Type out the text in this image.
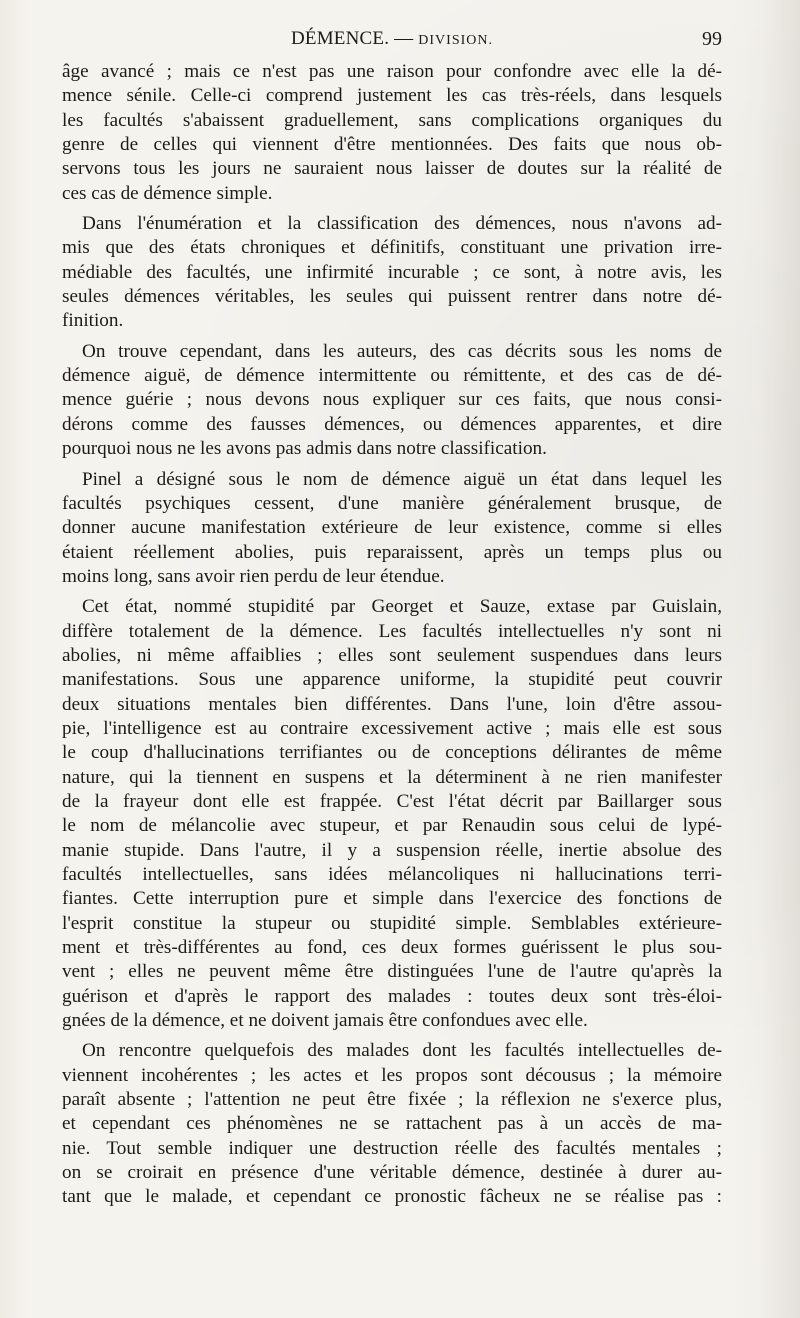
DÉMENCE. — DIVISION.	99
âge avancé ; mais ce n'est pas une raison pour confondre avec elle la dé-
mence sénile. Celle-ci comprend justement les cas très-réels, dans lesquels
les facultés s'abaissent graduellement, sans complications organiques du
genre de celles qui viennent d'être mentionnées. Des faits que nous ob-
servons tous les jours ne sauraient nous laisser de doutes sur la réalité de
ces cas de démence simple.
Dans l'énumération et la classification des démences, nous n'avons ad-
mis que des états chroniques et définitifs, constituant une privation irre-
médiable des facultés, une infirmité incurable ; ce sont, à notre avis, les
seules démences véritables, les seules qui puissent rentrer dans notre dé-
finition.
On trouve cependant, dans les auteurs, des cas décrits sous les noms de
démence aiguë, de démence intermittente ou rémittente, et des cas de dé-
mence guérie ; nous devons nous expliquer sur ces faits, que nous consi-
dérons comme des fausses démences, ou démences apparentes, et dire
pourquoi nous ne les avons pas admis dans notre classification.
Pinel a désigné sous le nom de démence aiguë un état dans lequel les
facultés psychiques cessent, d'une manière généralement brusque, de
donner aucune manifestation extérieure de leur existence, comme si elles
étaient réellement abolies, puis reparaissent, après un temps plus ou
moins long, sans avoir rien perdu de leur étendue.
Cet état, nommé stupidité par Georget et Sauze, extase par Guislain,
diffère totalement de la démence. Les facultés intellectuelles n'y sont ni
abolies, ni même affaiblies ; elles sont seulement suspendues dans leurs
manifestations. Sous une apparence uniforme, la stupidité peut couvrir
deux situations mentales bien différentes. Dans l'une, loin d'être assou-
pie, l'intelligence est au contraire excessivement active ; mais elle est sous
le coup d'hallucinations terrifiantes ou de conceptions délirantes de même
nature, qui la tiennent en suspens et la déterminent à ne rien manifester
de la frayeur dont elle est frappée. C'est l'état décrit par Baillarger sous
le nom de mélancolie avec stupeur, et par Renaudin sous celui de lypé-
manie stupide. Dans l'autre, il y a suspension réelle, inertie absolue des
facultés intellectuelles, sans idées mélancoliques ni hallucinations terri-
fiantes. Cette interruption pure et simple dans l'exercice des fonctions de
l'esprit constitue la stupeur ou stupidité simple. Semblables extérieure-
ment et très-différentes au fond, ces deux formes guérissent le plus sou-
vent ; elles ne peuvent même être distinguées l'une de l'autre qu'après la
guérison et d'après le rapport des malades : toutes deux sont très-éloi-
gnées de la démence, et ne doivent jamais être confondues avec elle.
On rencontre quelquefois des malades dont les facultés intellectuelles de-
viennent incohérentes ; les actes et les propos sont décousus ; la mémoire
paraît absente ; l'attention ne peut être fixée ; la réflexion ne s'exerce plus,
et cependant ces phénomènes ne se rattachent pas à un accès de ma-
nie. Tout semble indiquer une destruction réelle des facultés mentales ;
on se croirait en présence d'une véritable démence, destinée à durer au-
tant que le malade, et cependant ce pronostic fâcheux ne se réalise pas :
